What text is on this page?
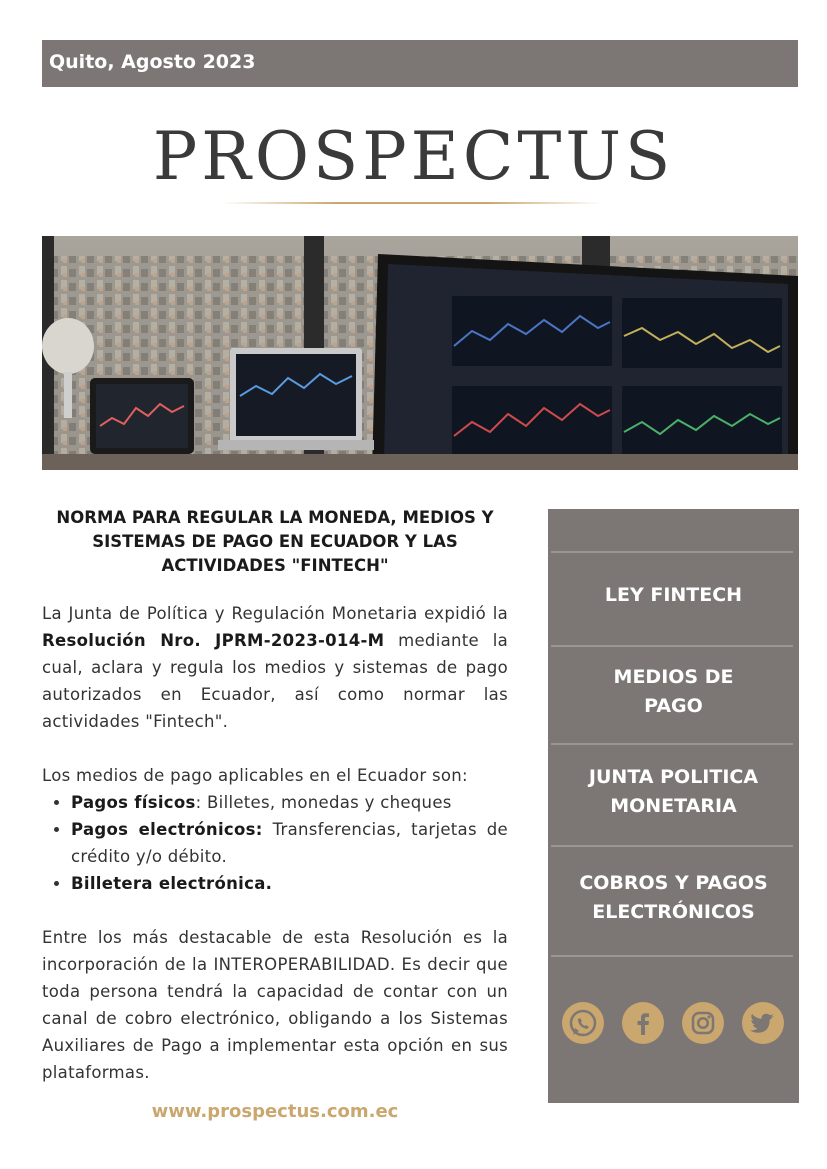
Quito, Agosto 2023
PROSPECTUS

NORMA PARA REGULAR LA MONEDA, MEDIOS Y SISTEMAS DE PAGO EN ECUADOR Y LAS ACTIVIDADES "FINTECH"

La Junta de Política y Regulación Monetaria expidió la Resolución Nro. JPRM-2023-014-M mediante la cual, aclara y regula los medios y sistemas de pago autorizados en Ecuador, así como normar las actividades "Fintech".

Los medios de pago aplicables en el Ecuador son:

• Pagos físicos: Billetes, monedas y cheques
• Pagos electrónicos: Transferencias, tarjetas de crédito y/o débito.
• Billetera electrónica.

Entre los más destacable de esta Resolución es la incorporación de la INTEROPERABILIDAD. Es decir que toda persona tendrá la capacidad de contar con un canal de cobro electrónico, obligando a los Sistemas Auxiliares de Pago a implementar esta opción en sus plataformas.

www.prospectus.com.ec
LEY FINTECH
MEDIOS DE
PAGO
JUNTA POLITICA
MONETARIA
COBROS Y PAGOS
ELECTRÓNICOS
